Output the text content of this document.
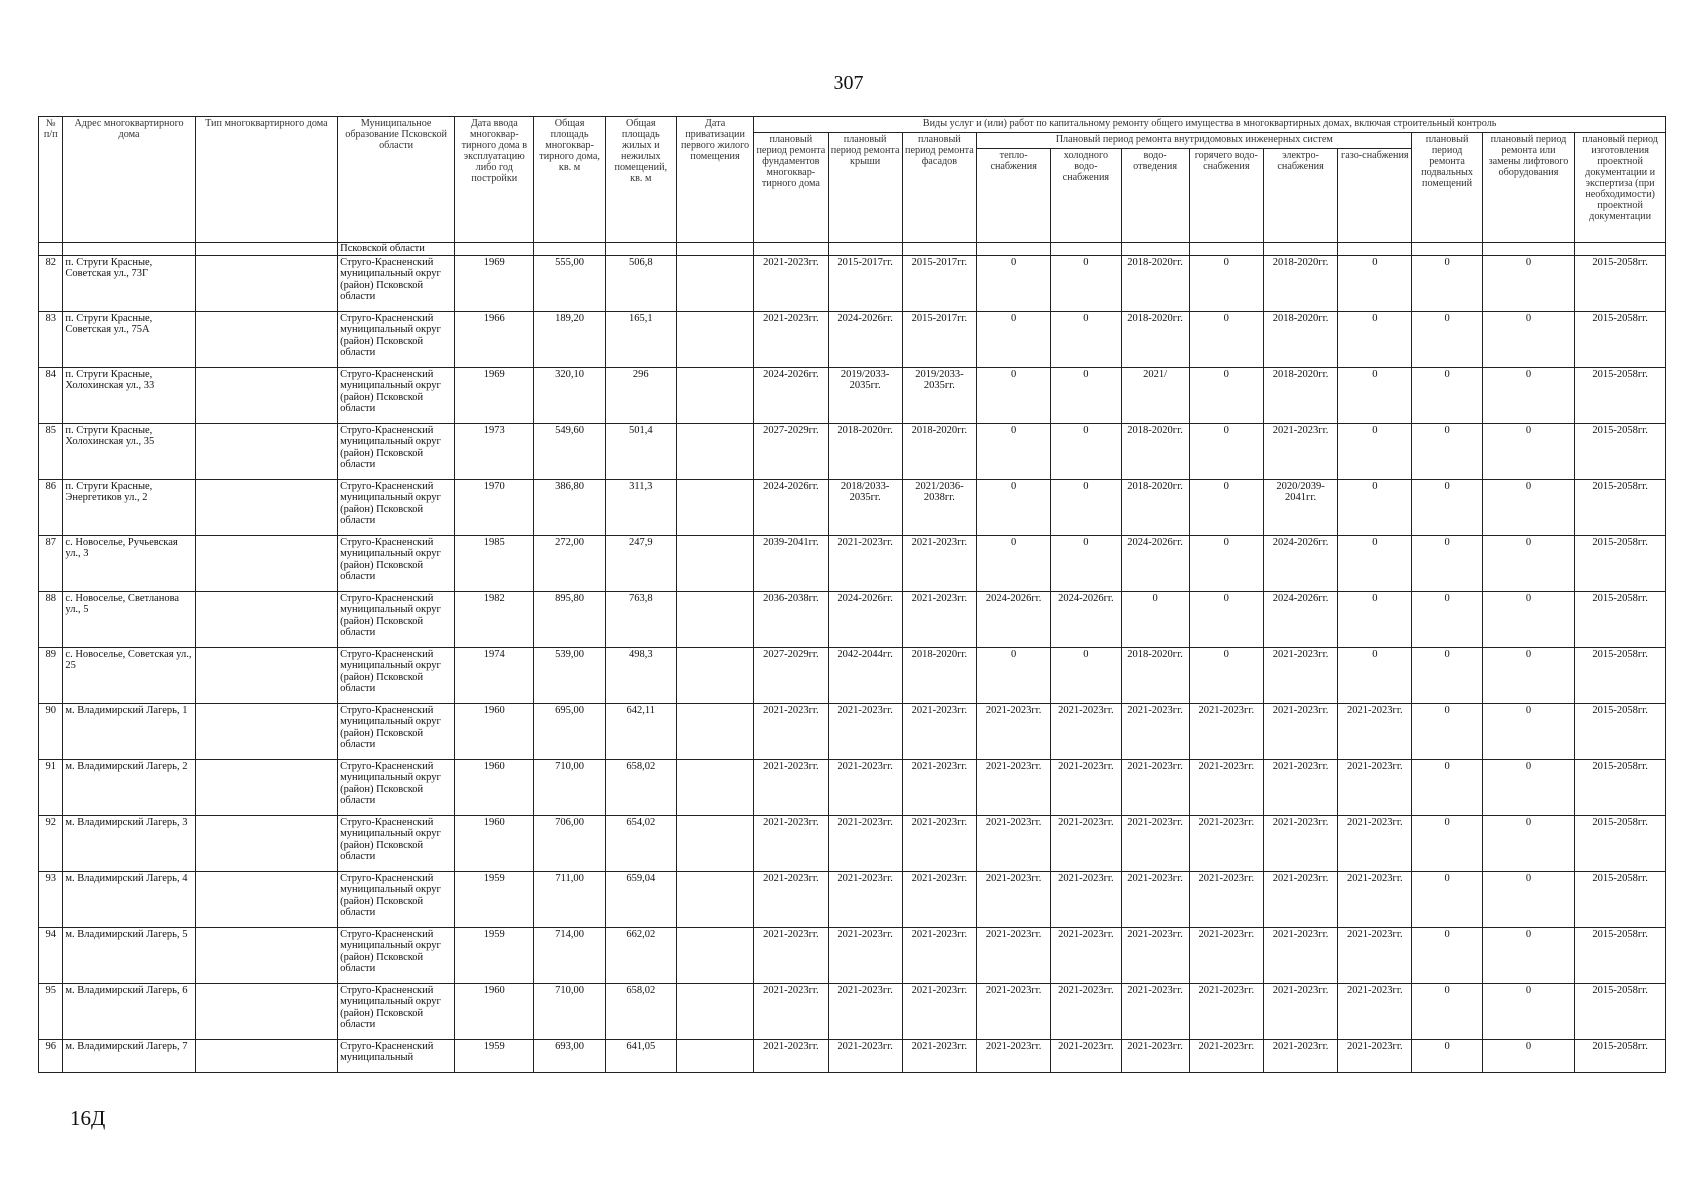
307
№ п/п	Адрес многоквартирного дома	Тип многоквартирного дома	Муниципальное образование Псковской области	Дата ввода многоквар-тирного дома в эксплуатацию либо год постройки	Общая площадь многоквар-тирного дома, кв. м	Общая площадь жилых и нежилых помещений, кв. м	Дата приватизации первого жилого помещения	Виды услуг и (или) работ по капитальному ремонту общего имущества в многоквартирных домах, включая строительный контроль											
								плановый период ремонта фундаментов многоквар-тирного дома	плановый период ремонта крыши	плановый период ремонта фасадов	Плановый период ремонта внутридомовых инженерных систем						плановый период ремонта подвальных помещений	плановый период ремонта или замены лифтового оборудования	плановый период изготовления проектной документации и экспертиза (при необходимости) проектной документации
											тепло-снабжения	холодного водо-снабжения	водо-отведения	горячего водо-снабжения	электро-снабжения	газо-снабжения			
			Псковской области																
82	п. Струги Красные, Советская ул., 73Г		Струго-Красненский муниципальный округ (район) Псковской области	1969	555,00	506,8		2021-2023гг.	2015-2017гг.	2015-2017гг.	0	0	2018-2020гг.	0	2018-2020гг.	0	0	0	2015-2058гг.
83	п. Струги Красные, Советская ул., 75А		Струго-Красненский муниципальный округ (район) Псковской области	1966	189,20	165,1		2021-2023гг.	2024-2026гг.	2015-2017гг.	0	0	2018-2020гг.	0	2018-2020гг.	0	0	0	2015-2058гг.
84	п. Струги Красные, Холохинская ул., 33		Струго-Красненский муниципальный округ (район) Псковской области	1969	320,10	296		2024-2026гг.	2019/2033-2035гг.	2019/2033-2035гг.	0	0	2021/	0	2018-2020гг.	0	0	0	2015-2058гг.
85	п. Струги Красные, Холохинская ул., 35		Струго-Красненский муниципальный округ (район) Псковской области	1973	549,60	501,4		2027-2029гг.	2018-2020гг.	2018-2020гг.	0	0	2018-2020гг.	0	2021-2023гг.	0	0	0	2015-2058гг.
86	п. Струги Красные, Энергетиков ул., 2		Струго-Красненский муниципальный округ (район) Псковской области	1970	386,80	311,3		2024-2026гг.	2018/2033-2035гг.	2021/2036-2038гг.	0	0	2018-2020гг.	0	2020/2039-2041гг.	0	0	0	2015-2058гг.
87	с. Новоселье, Ручьевская ул., 3		Струго-Красненский муниципальный округ (район) Псковской области	1985	272,00	247,9		2039-2041гг.	2021-2023гг.	2021-2023гг.	0	0	2024-2026гг.	0	2024-2026гг.	0	0	0	2015-2058гг.
88	с. Новоселье, Светланова ул., 5		Струго-Красненский муниципальный округ (район) Псковской области	1982	895,80	763,8		2036-2038гг.	2024-2026гг.	2021-2023гг.	2024-2026гг.	2024-2026гг.	0	0	2024-2026гг.	0	0	0	2015-2058гг.
89	с. Новоселье, Советская ул., 25		Струго-Красненский муниципальный округ (район) Псковской области	1974	539,00	498,3		2027-2029гг.	2042-2044гг.	2018-2020гг.	0	0	2018-2020гг.	0	2021-2023гг.	0	0	0	2015-2058гг.
90	м. Владимирский Лагерь, 1		Струго-Красненский муниципальный округ (район) Псковской области	1960	695,00	642,11		2021-2023гг.	2021-2023гг.	2021-2023гг.	2021-2023гг.	2021-2023гг.	2021-2023гг.	2021-2023гг.	2021-2023гг.	2021-2023гг.	0	0	2015-2058гг.
91	м. Владимирский Лагерь, 2		Струго-Красненский муниципальный округ (район) Псковской области	1960	710,00	658,02		2021-2023гг.	2021-2023гг.	2021-2023гг.	2021-2023гг.	2021-2023гг.	2021-2023гг.	2021-2023гг.	2021-2023гг.	2021-2023гг.	0	0	2015-2058гг.
92	м. Владимирский Лагерь, 3		Струго-Красненский муниципальный округ (район) Псковской области	1960	706,00	654,02		2021-2023гг.	2021-2023гг.	2021-2023гг.	2021-2023гг.	2021-2023гг.	2021-2023гг.	2021-2023гг.	2021-2023гг.	2021-2023гг.	0	0	2015-2058гг.
93	м. Владимирский Лагерь, 4		Струго-Красненский муниципальный округ (район) Псковской области	1959	711,00	659,04		2021-2023гг.	2021-2023гг.	2021-2023гг.	2021-2023гг.	2021-2023гг.	2021-2023гг.	2021-2023гг.	2021-2023гг.	2021-2023гг.	0	0	2015-2058гг.
94	м. Владимирский Лагерь, 5		Струго-Красненский муниципальный округ (район) Псковской области	1959	714,00	662,02		2021-2023гг.	2021-2023гг.	2021-2023гг.	2021-2023гг.	2021-2023гг.	2021-2023гг.	2021-2023гг.	2021-2023гг.	2021-2023гг.	0	0	2015-2058гг.
95	м. Владимирский Лагерь, 6		Струго-Красненский муниципальный округ (район) Псковской области	1960	710,00	658,02		2021-2023гг.	2021-2023гг.	2021-2023гг.	2021-2023гг.	2021-2023гг.	2021-2023гг.	2021-2023гг.	2021-2023гг.	2021-2023гг.	0	0	2015-2058гг.
96	м. Владимирский Лагерь, 7		Струго-Красненский муниципальный	1959	693,00	641,05		2021-2023гг.	2021-2023гг.	2021-2023гг.	2021-2023гг.	2021-2023гг.	2021-2023гг.	2021-2023гг.	2021-2023гг.	2021-2023гг.	0	0	2015-2058гг.
16Д
